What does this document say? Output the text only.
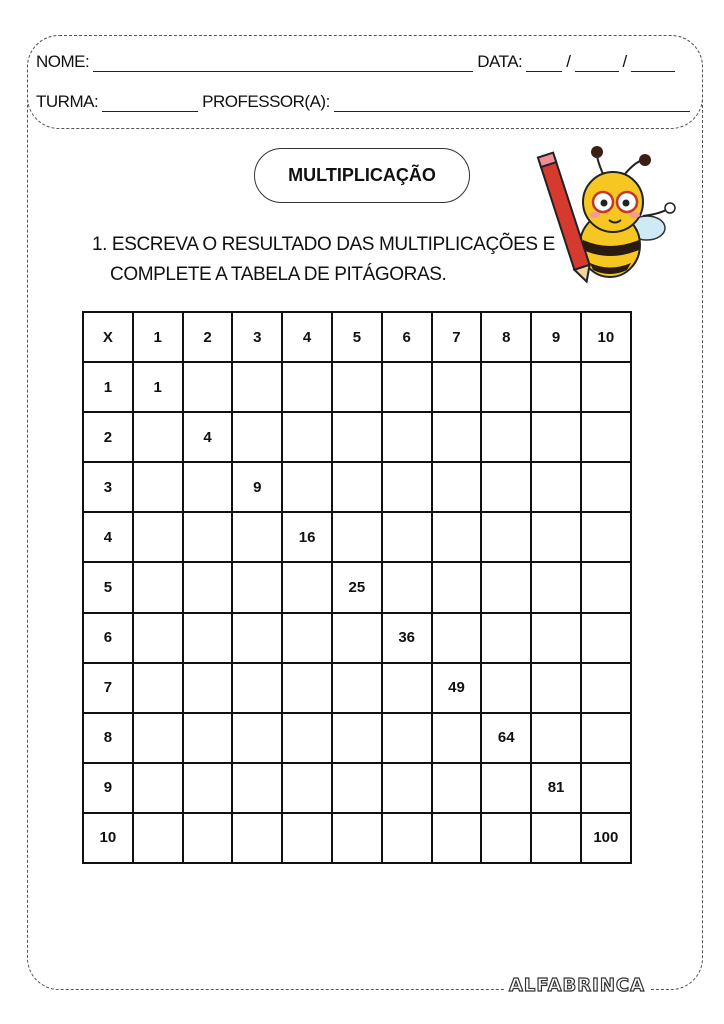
NOME:	DATA:	/	/
TURMA:	PROFESSOR(A):
MULTIPLICAÇÃO
1. ESCREVA O RESULTADO DAS MULTIPLICAÇÕES E
COMPLETE A TABELA DE PITÁGORAS.
X	1	2	3	4	5	6	7	8	9	10
1	1									
2		4								
3			9							
4				16						
5					25					
6						36				
7							49			
8								64		
9									81	
10										100
ALFABRINCA
